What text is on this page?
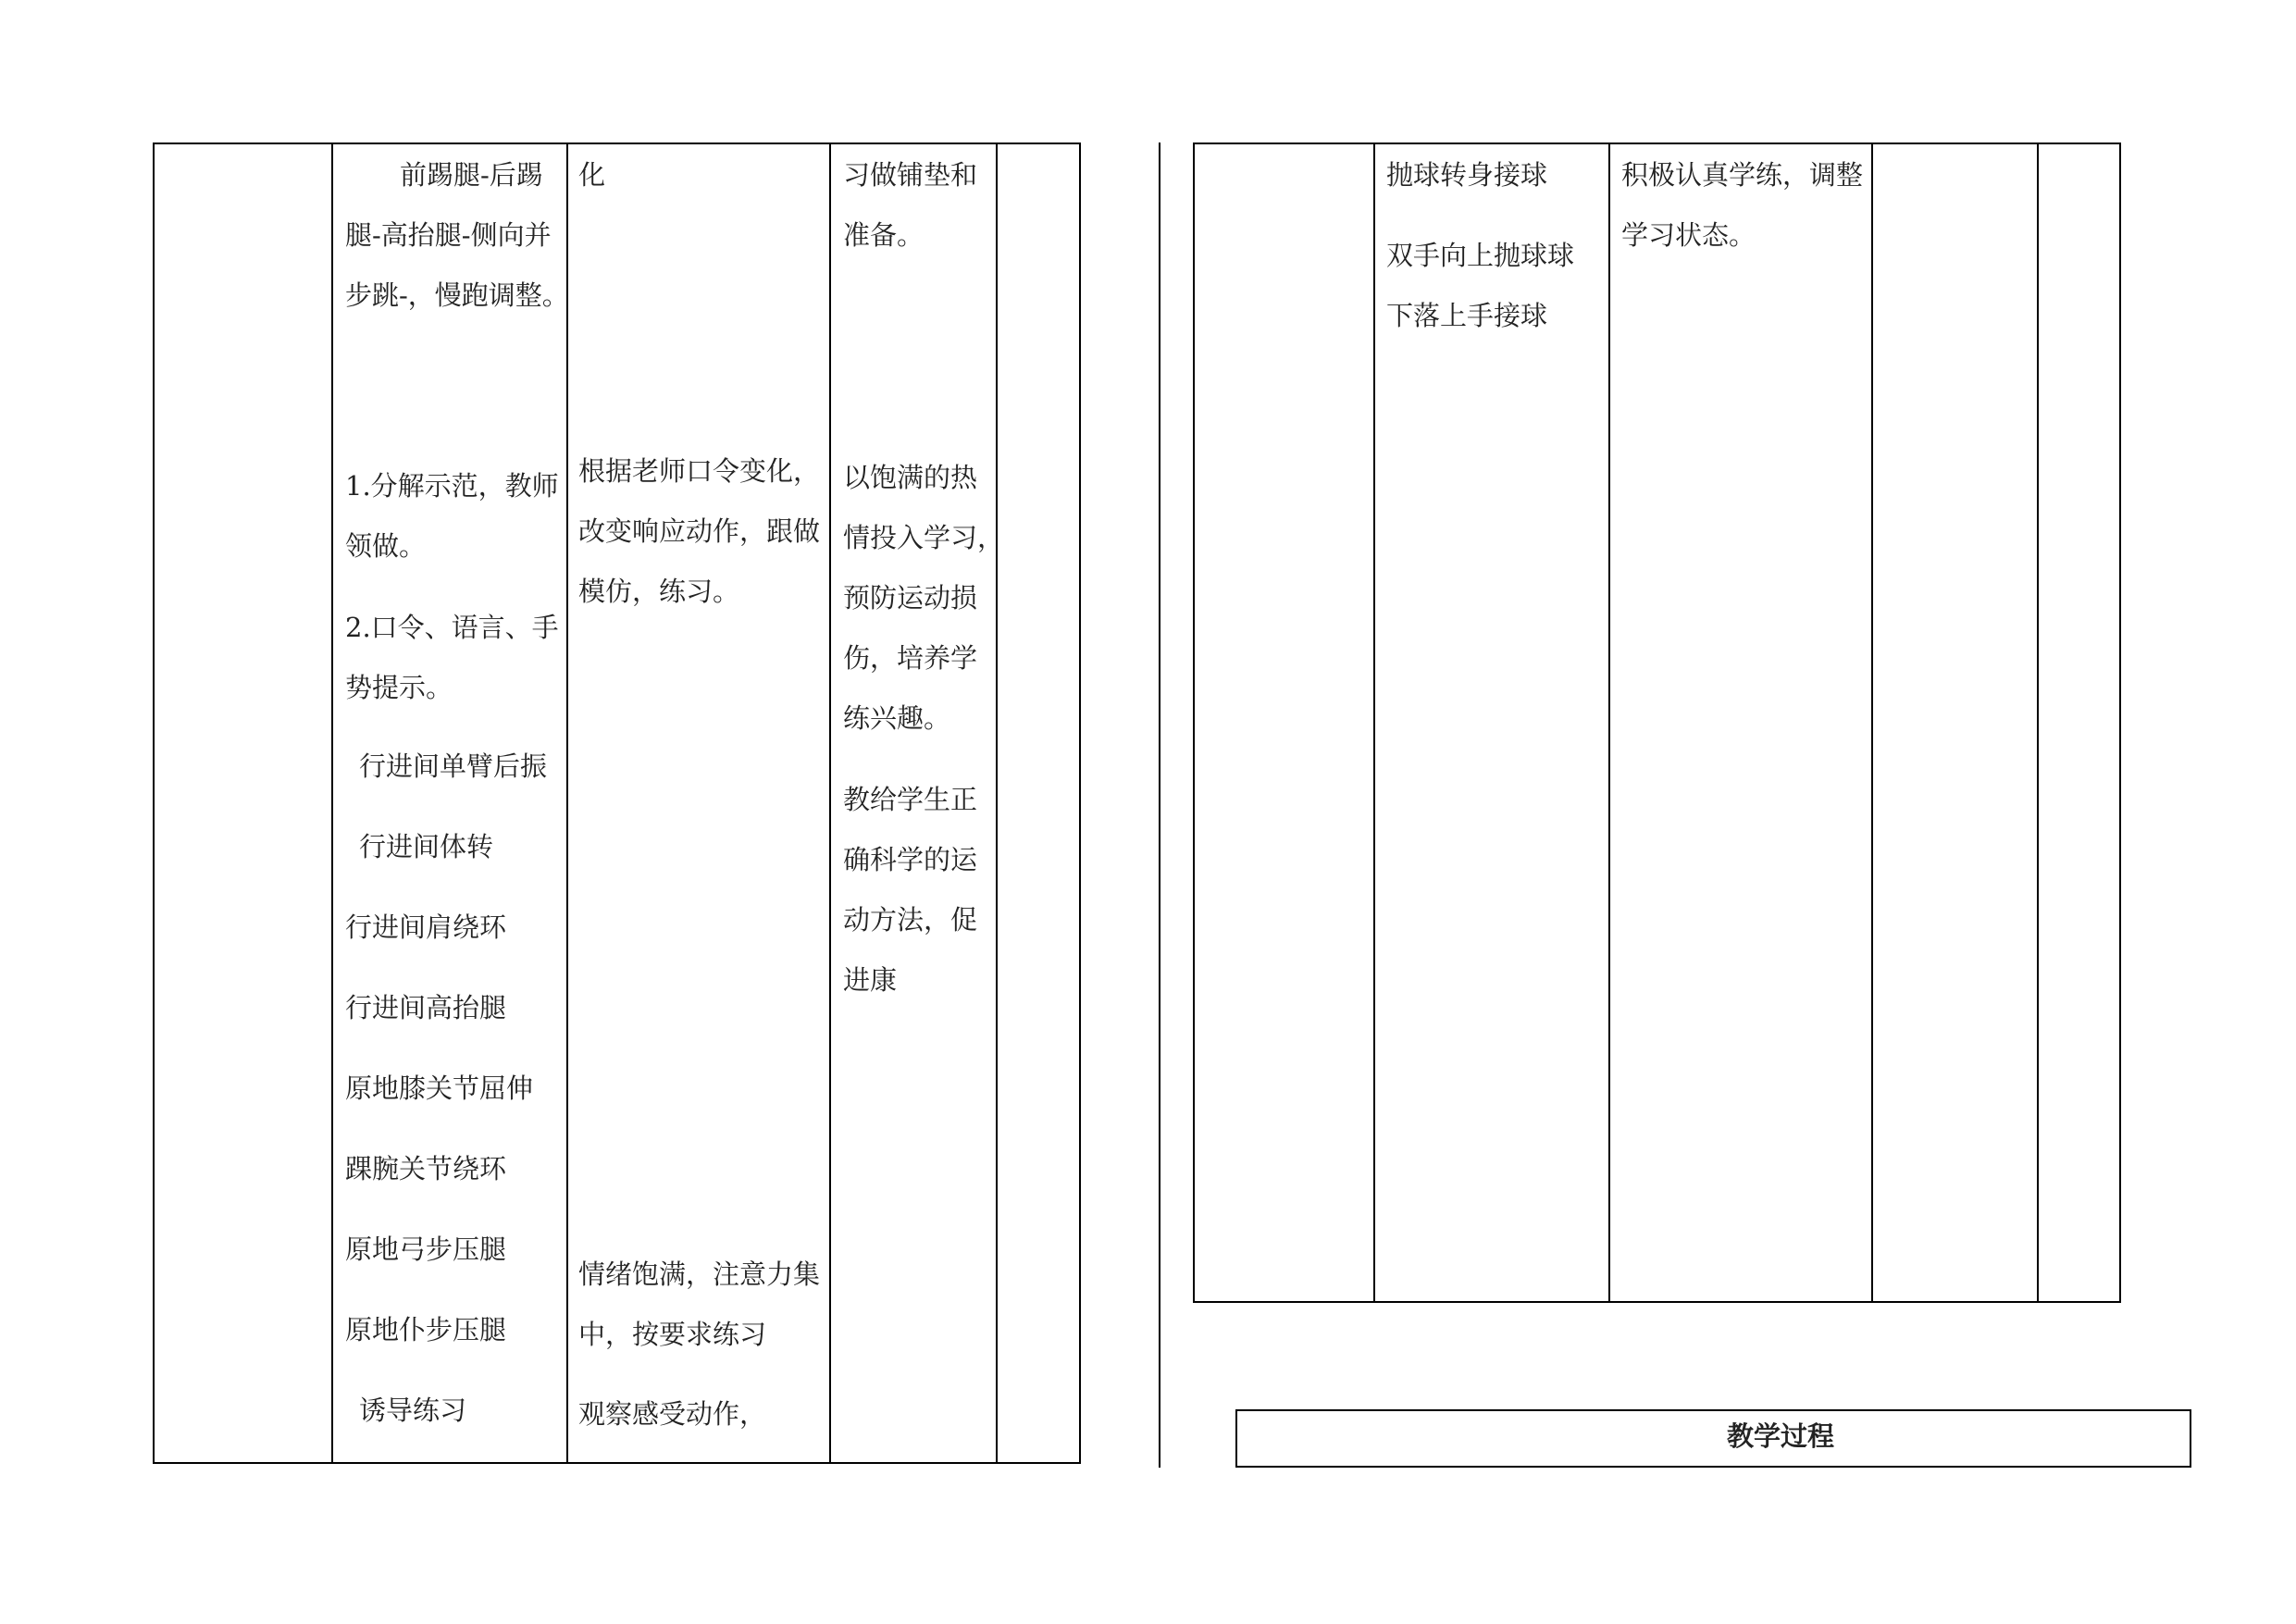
前踢腿-后踢
腿-高抬腿-侧向并
步跳-，慢跑调整。
1.分解示范，教师
领做。
2.口令、语言、手
势提示。
行进间单臂后振
行进间体转
行进间肩绕环
行进间高抬腿
原地膝关节屈伸
踝腕关节绕环
原地弓步压腿
原地仆步压腿
诱导练习
化
根据老师口令变化，
改变响应动作，跟做
模仿，练习。
情绪饱满，注意力集
中，按要求练习
观察感受动作，
习做铺垫和
准备。
以饱满的热
情投入学习，
预防运动损
伤，培养学
练兴趣。
教给学生正
确科学的运
动方法，促
进康
抛球转身接球
双手向上抛球球
下落上手接球
积极认真学练，调整
学习状态。
教学过程
